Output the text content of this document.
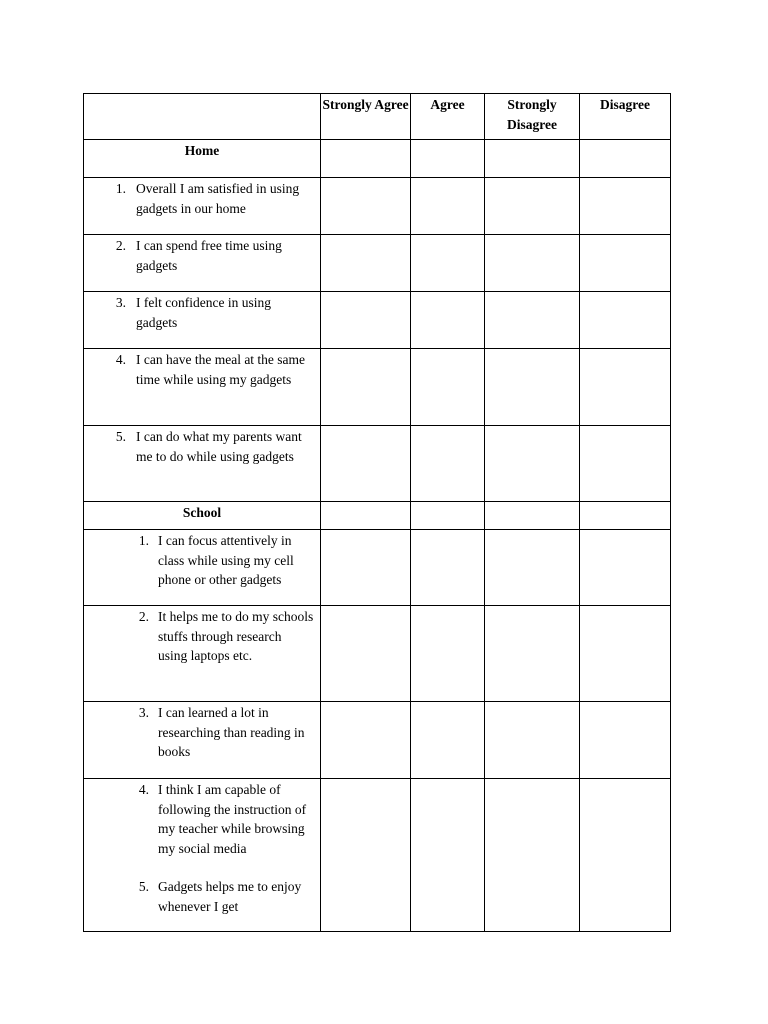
	Strongly Agree	Agree	Strongly Disagree	Disagree

Home				

1. Overall I am satisfied in using gadgets in our home				

2. I can spend free time using gadgets				

3. I felt confidence in using gadgets				

4. I can have the meal at the same time while using my gadgets				

5. I can do what my parents want me to do while using gadgets				

School				

1. I can focus attentively in class while using my cell phone or other gadgets				

2. It helps me to do my schools stuffs through research using laptops etc.				

3. I can learned a lot in researching than reading in books				

4. I think I am capable of following the instruction of my teacher while browsing my social media
5. Gadgets helps me to enjoy whenever I get				
